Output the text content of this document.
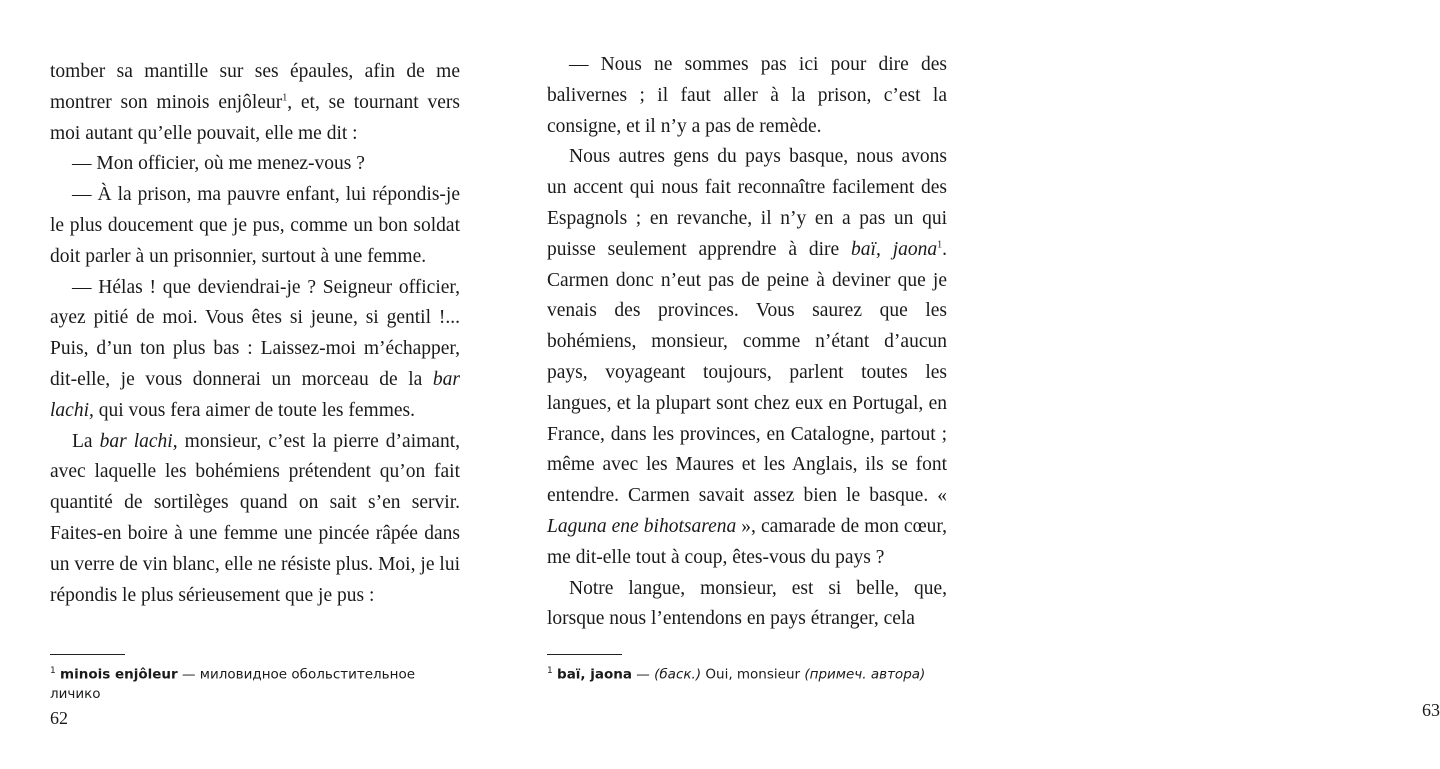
tomber sa mantille sur ses épaules, afin de me montrer son minois enjôleur$^1$, et, se tournant vers moi autant qu’elle pouvait, elle me dit :

— Mon officier, où me menez-vous ?

— À la prison, ma pauvre enfant, lui répondis-je le plus doucement que je pus, comme un bon soldat doit parler à un prisonnier, surtout à une femme.

— Hélas ! que deviendrai-je ? Seigneur officier, ayez pitié de moi. Vous êtes si jeune, si gentil !... Puis, d’un ton plus bas : Laissez-moi m’échapper, dit-elle, je vous donnerai un morceau de la bar lachi, qui vous fera aimer de toute les femmes.

La bar lachi, monsieur, c’est la pierre d’aimant, avec laquelle les bohémiens prétendent qu’on fait quantité de sortilèges quand on sait s’en servir. Faites-en boire à une femme une pincée râpée dans un verre de vin blanc, elle ne résiste plus. Moi, je lui répondis le plus sérieusement que je pus :

$^1$ minois enjôleur — миловидное обольстительное личико
62

— Nous ne sommes pas ici pour dire des balivernes ; il faut aller à la prison, c’est la consigne, et il n’y a pas de remède.

Nous autres gens du pays basque, nous avons un accent qui nous fait reconnaître facilement des Espagnols ; en revanche, il n’y en a pas un qui puisse seulement apprendre à dire baï, jaona$^1$. Carmen donc n’eut pas de peine à deviner que je venais des provinces. Vous saurez que les bohémiens, monsieur, comme n’étant d’aucun pays, voyageant toujours, parlent toutes les langues, et la plupart sont chez eux en Portugal, en France, dans les provinces, en Catalogne, partout ; même avec les Maures et les Anglais, ils se font entendre. Carmen savait assez bien le basque. « Laguna ene bihotsarena », camarade de mon cœur, me dit-elle tout à coup, êtes-vous du pays ?

Notre langue, monsieur, est si belle, que, lorsque nous l’entendons en pays étranger, cela

$^1$ baï, jaona — (баск.) Oui, monsieur (примеч. автора)
63
